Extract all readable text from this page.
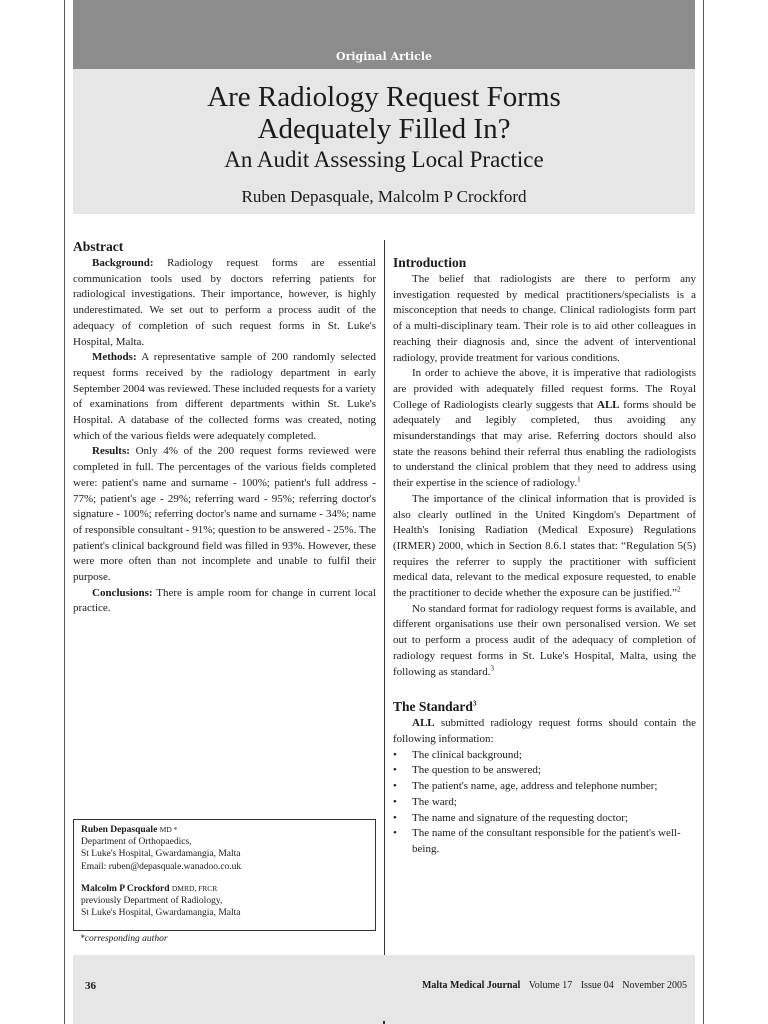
Original Article
Are Radiology Request Forms
Adequately Filled In?
An Audit Assessing Local Practice
Ruben Depasquale, Malcolm P Crockford
Abstract

Background: Radiology request forms are essential communication tools used by doctors referring patients for radiological investigations. Their importance, however, is highly underestimated. We set out to perform a process audit of the adequacy of completion of such request forms in St. Luke's Hospital, Malta.

Methods: A representative sample of 200 randomly selected request forms received by the radiology department in early September 2004 was reviewed. These included requests for a variety of examinations from different departments within St. Luke's Hospital. A database of the collected forms was created, noting which of the various fields were adequately completed.

Results: Only 4% of the 200 request forms reviewed were completed in full. The percentages of the various fields completed were: patient's name and surname - 100%; patient's full address - 77%; patient's age - 29%; referring ward - 95%; referring doctor's signature - 100%; referring doctor's name and surname - 34%; name of responsible consultant - 91%; question to be answered - 25%. The patient's clinical background field was filled in 93%. However, these were more often than not incomplete and unable to fulfil their purpose.

Conclusions: There is ample room for change in current local practice.

Ruben Depasquale MD *
Department of Orthopaedics,
St Luke's Hospital, Gwardamangia, Malta
Email: ruben@depasquale.wanadoo.co.uk
Malcolm P Crockford DMRD, FRCR
previously Department of Radiology,
St Luke's Hospital, Gwardamangia, Malta
*corresponding author
Introduction

The belief that radiologists are there to perform any investigation requested by medical practitioners/specialists is a misconception that needs to change. Clinical radiologists form part of a multi-disciplinary team. Their role is to aid other colleagues in reaching their diagnosis and, since the advent of interventional radiology, provide treatment for various conditions.

In order to achieve the above, it is imperative that radiologists are provided with adequately filled request forms. The Royal College of Radiologists clearly suggests that ALL forms should be adequately and legibly completed, thus avoiding any misunderstandings that may arise. Referring doctors should also state the reasons behind their referral thus enabling the radiologists to understand the clinical problem that they need to address using their expertise in the science of radiology.$^1$

The importance of the clinical information that is provided is also clearly outlined in the United Kingdom's Department of Health's Ionising Radiation (Medical Exposure) Regulations (IRMER) 2000, which in Section 8.6.1 states that: “Regulation 5(5) requires the referrer to supply the practitioner with sufficient medical data, relevant to the medical exposure requested, to enable the practitioner to decide whether the exposure can be justified.”$^2$

No standard format for radiology request forms is available, and different organisations use their own personalised version. We set out to perform a process audit of the adequacy of completion of radiology request forms in St. Luke's Hospital, Malta, using the following as standard.$^3$

The Standard$^3$

ALL submitted radiology request forms should contain the following information:

• The clinical background;
• The question to be answered;
• The patient's name, age, address and telephone number;
• The ward;
• The name and signature of the requesting doctor;
• The name of the consultant responsible for the patient's well-being.
36	Malta Medical Journal Volume 17 Issue 04 November 2005
